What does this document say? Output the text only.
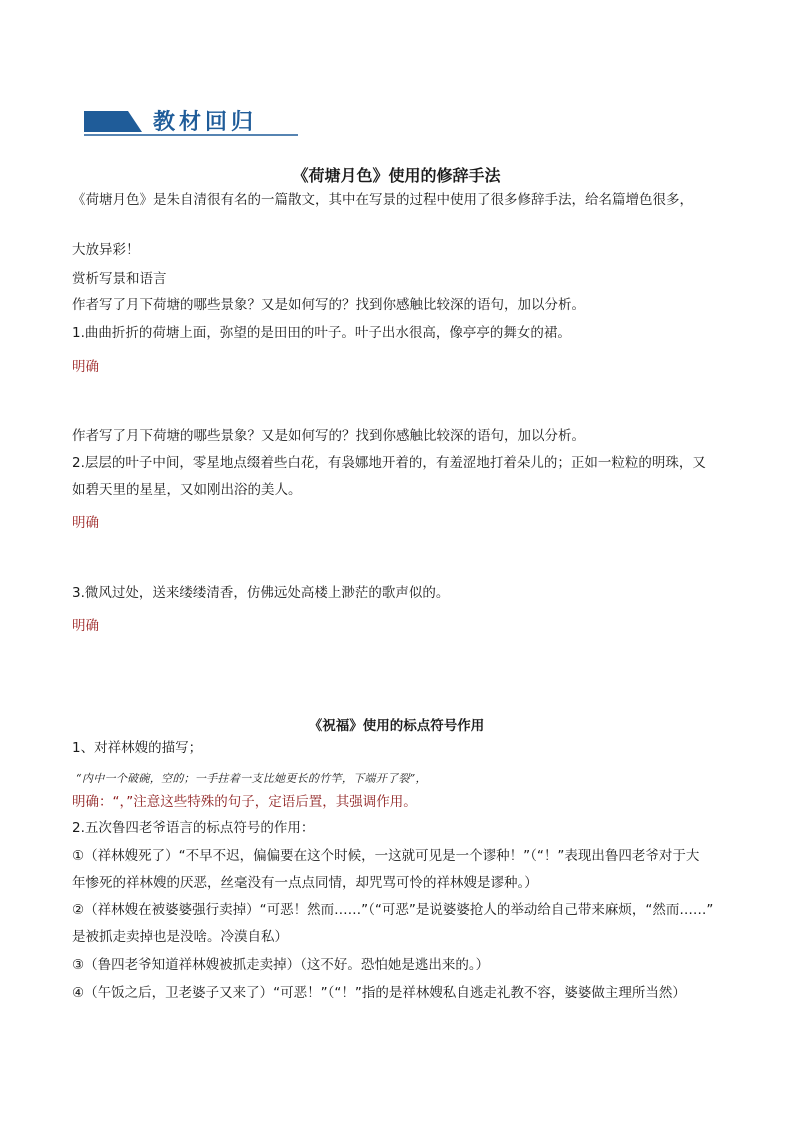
教材回归
《荷塘月色》使用的修辞手法
《荷塘月色》是朱自清很有名的一篇散文，其中在写景的过程中使用了很多修辞手法，给名篇增色很多，
大放异彩！
赏析写景和语言
作者写了月下荷塘的哪些景象？又是如何写的？找到你感触比较深的语句，加以分析。
1.曲曲折折的荷塘上面，弥望的是田田的叶子。叶子出水很高，像亭亭的舞女的裙。
明确
作者写了月下荷塘的哪些景象？又是如何写的？找到你感触比较深的语句，加以分析。
2.层层的叶子中间，零星地点缀着些白花，有袅娜地开着的，有羞涩地打着朵儿的；正如一粒粒的明珠，又
如碧天里的星星，又如刚出浴的美人。
明确
3.微风过处，送来缕缕清香，仿佛远处高楼上渺茫的歌声似的。
明确
《祝福》使用的标点符号作用
1、对祥林嫂的描写；
“内中一个破碗，空的；一手拄着一支比她更长的竹竿，下端开了裂”，
明确：“，”注意这些特殊的句子，定语后置，其强调作用。
2.五次鲁四老爷语言的标点符号的作用：
①（祥林嫂死了）“不早不迟，偏偏要在这个时候，一这就可见是一个谬种！”（“！”表现出鲁四老爷对于大
年惨死的祥林嫂的厌恶，丝毫没有一点点同情，却咒骂可怜的祥林嫂是谬种。）
②（祥林嫂在被婆婆强行卖掉）“可恶！然而……”（“可恶”是说婆婆抢人的举动给自己带来麻烦，“然而……”
是被抓走卖掉也是没啥。冷漠自私）
③（鲁四老爷知道祥林嫂被抓走卖掉）（这不好。恐怕她是逃出来的。）
④（午饭之后，卫老婆子又来了）“可恶！”（“！”指的是祥林嫂私自逃走礼教不容，婆婆做主理所当然）
